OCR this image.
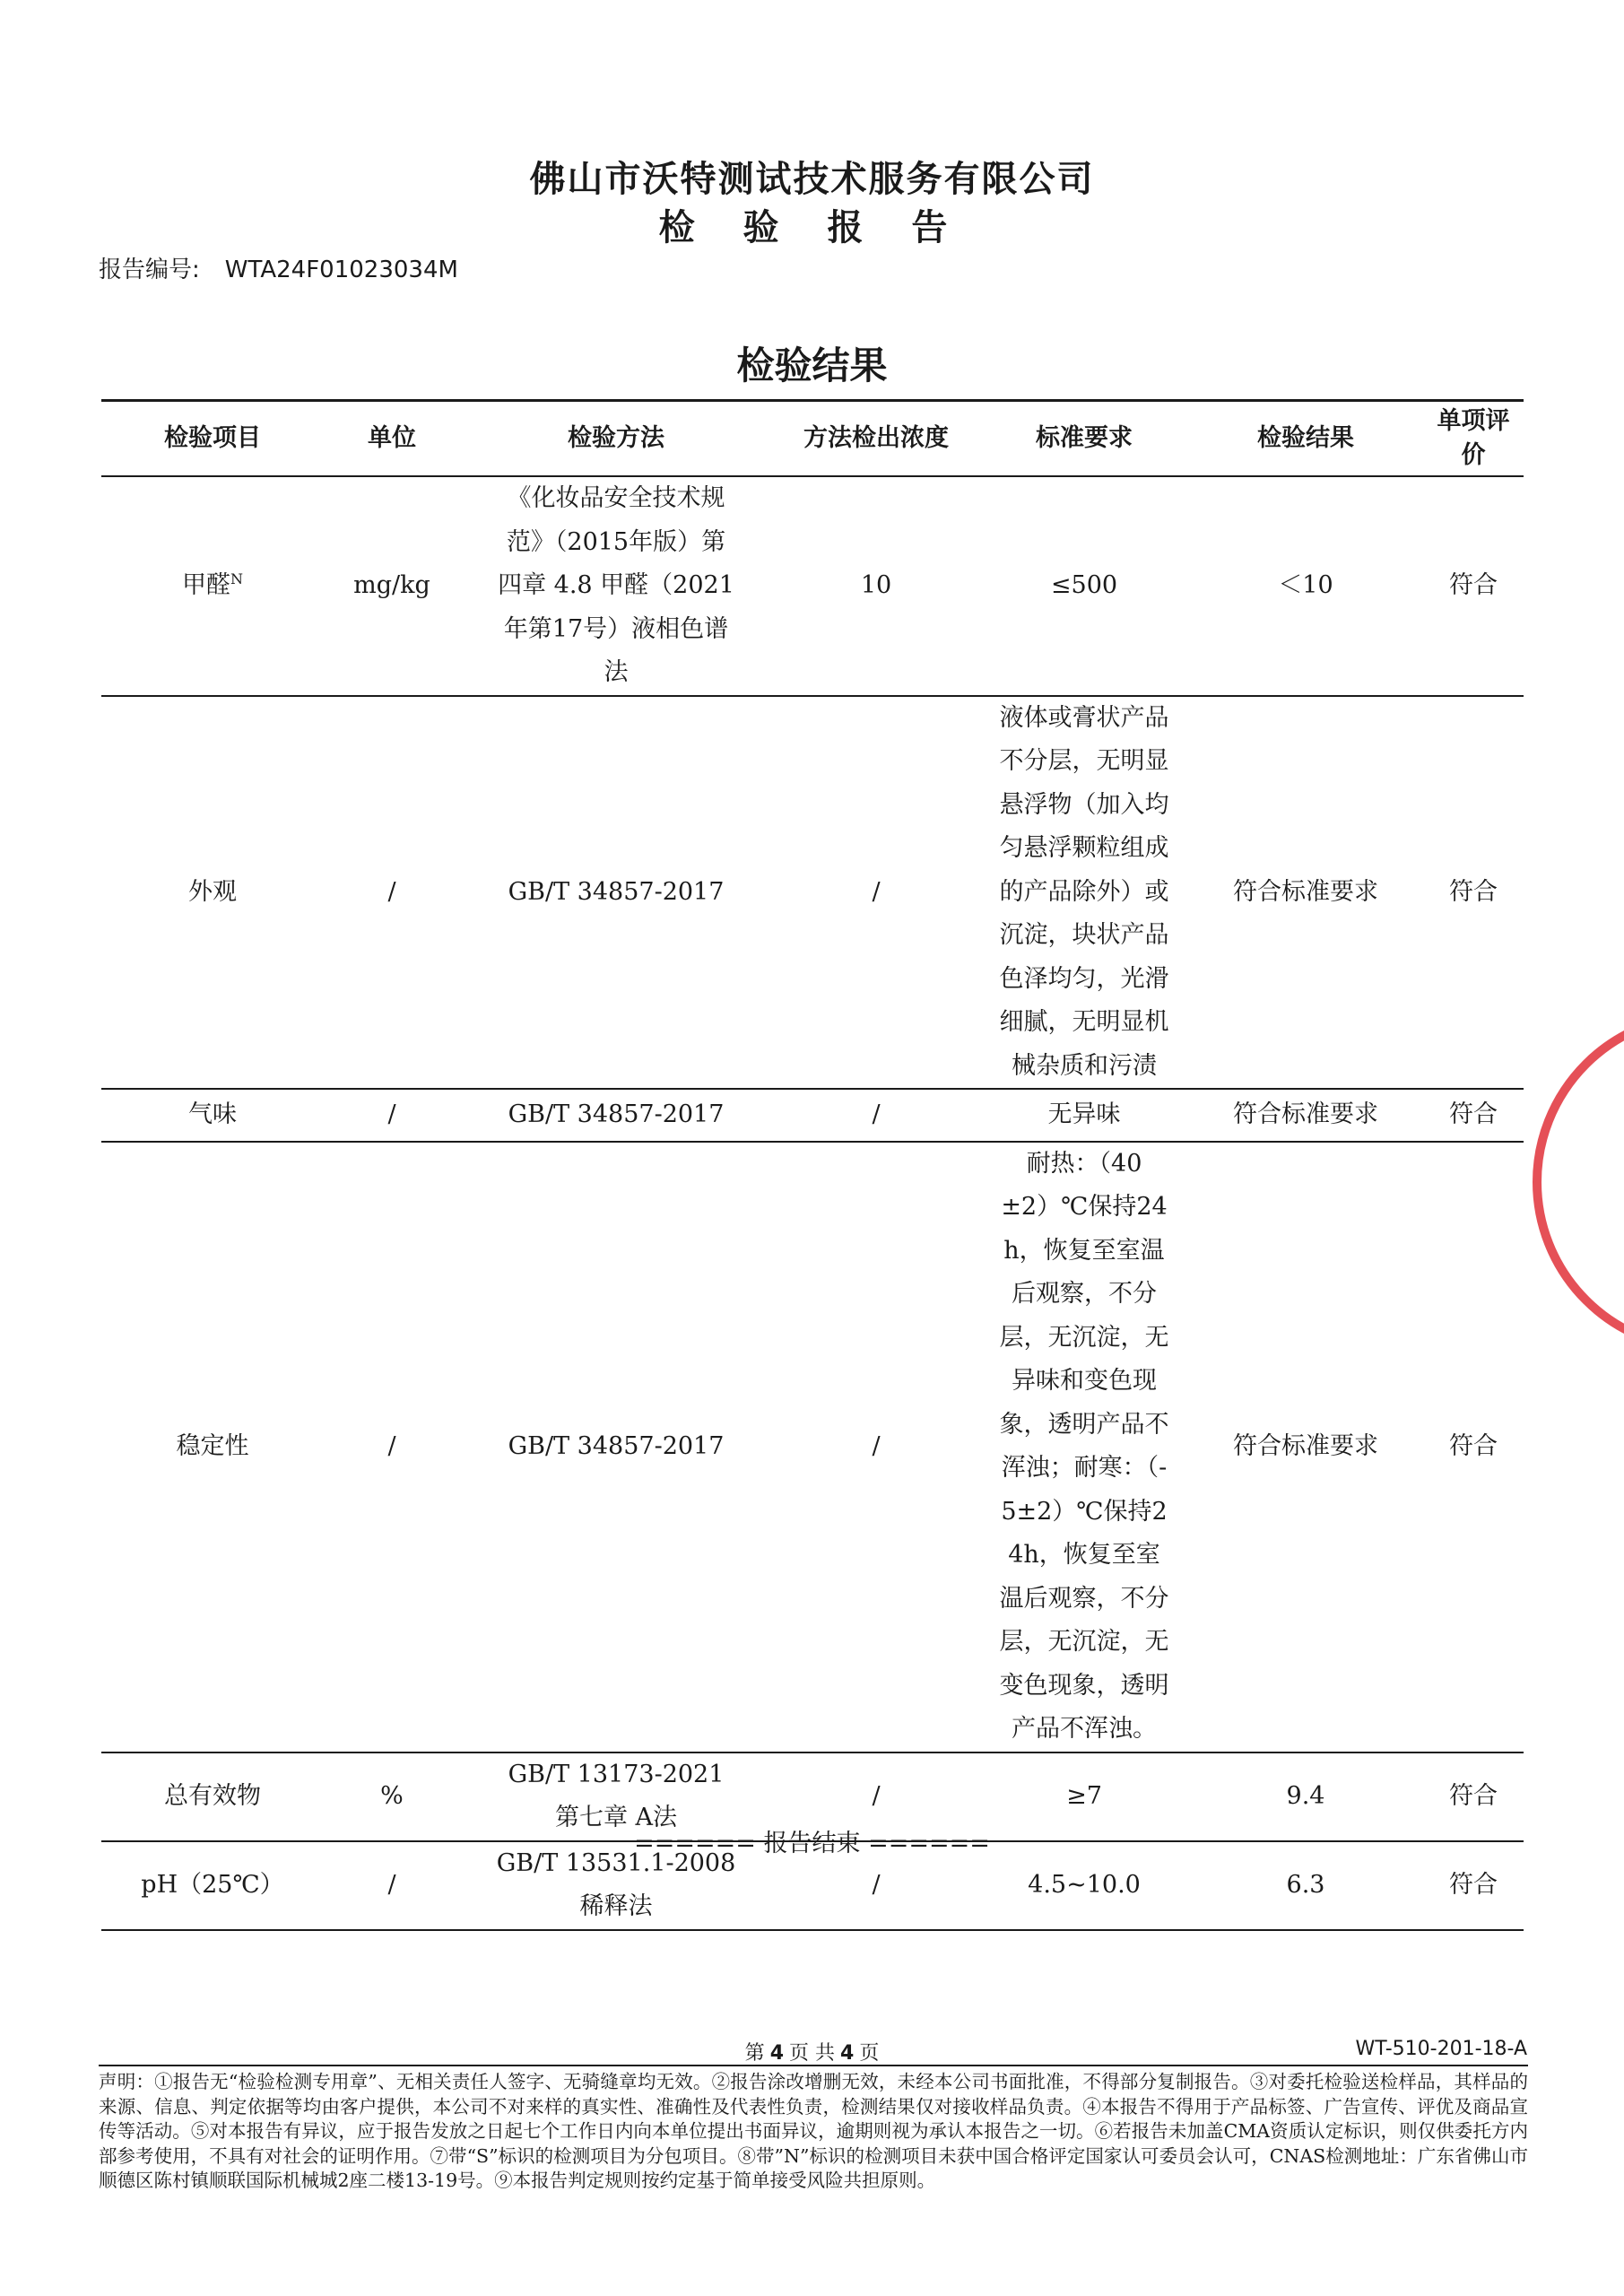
佛山市沃特测试技术服务有限公司
检 验 报 告
报告编号: WTA24F01023034M
检验结果
检验项目	单位	检验方法	方法检出浓度	标准要求	检验结果	单项评价
甲醛$^N$	mg/kg	《化妆品安全技术规范》（2015年版）第四章 4.8 甲醛（2021年第17号）液相色谱法	10	≤500	＜10	符合
外观	/	GB/T 34857-2017	/	液体或膏状产品不分层，无明显悬浮物（加入均匀悬浮颗粒组成的产品除外）或沉淀，块状产品色泽均匀，光滑细腻，无明显机械杂质和污渍	符合标准要求	符合
气味	/	GB/T 34857-2017	/	无异味	符合标准要求	符合
稳定性	/	GB/T 34857-2017	/	耐热：（40±2）℃保持24h，恢复至室温后观察，不分层，无沉淀，无异味和变色现象，透明产品不浑浊；耐寒：（-5±2）℃保持24h，恢复至室温后观察，不分层，无沉淀，无变色现象，透明产品不浑浊。	符合标准要求	符合
总有效物	%	GB/T 13173-2021 第七章 A法	/	≥7	9.4	符合
pH（25℃）	/	GB/T 13531.1-2008 稀释法	/	4.5~10.0	6.3	符合
====== 报告结束 ======
第 4 页 共 4 页	WT-510-201-18-A
声明：①报告无“检验检测专用章”、无相关责任人签字、无骑缝章均无效。②报告涂改增删无效，未经本公司书面批准，不得部分复制报告。③对委托检验送检样品，其样品的来源、信息、判定依据等均由客户提供，本公司不对来样的真实性、准确性及代表性负责，检测结果仅对接收样品负责。④本报告不得用于产品标签、广告宣传、评优及商品宣传等活动。⑤对本报告有异议，应于报告发放之日起七个工作日内向本单位提出书面异议，逾期则视为承认本报告之一切。⑥若报告未加盖CMA资质认定标识，则仅供委托方内部参考使用，不具有对社会的证明作用。⑦带“S”标识的检测项目为分包项目。⑧带”N”标识的检测项目未获中国合格评定国家认可委员会认可，CNAS检测地址：广东省佛山市顺德区陈村镇顺联国际机械城2座二楼13-19号。⑨本报告判定规则按约定基于简单接受风险共担原则。
